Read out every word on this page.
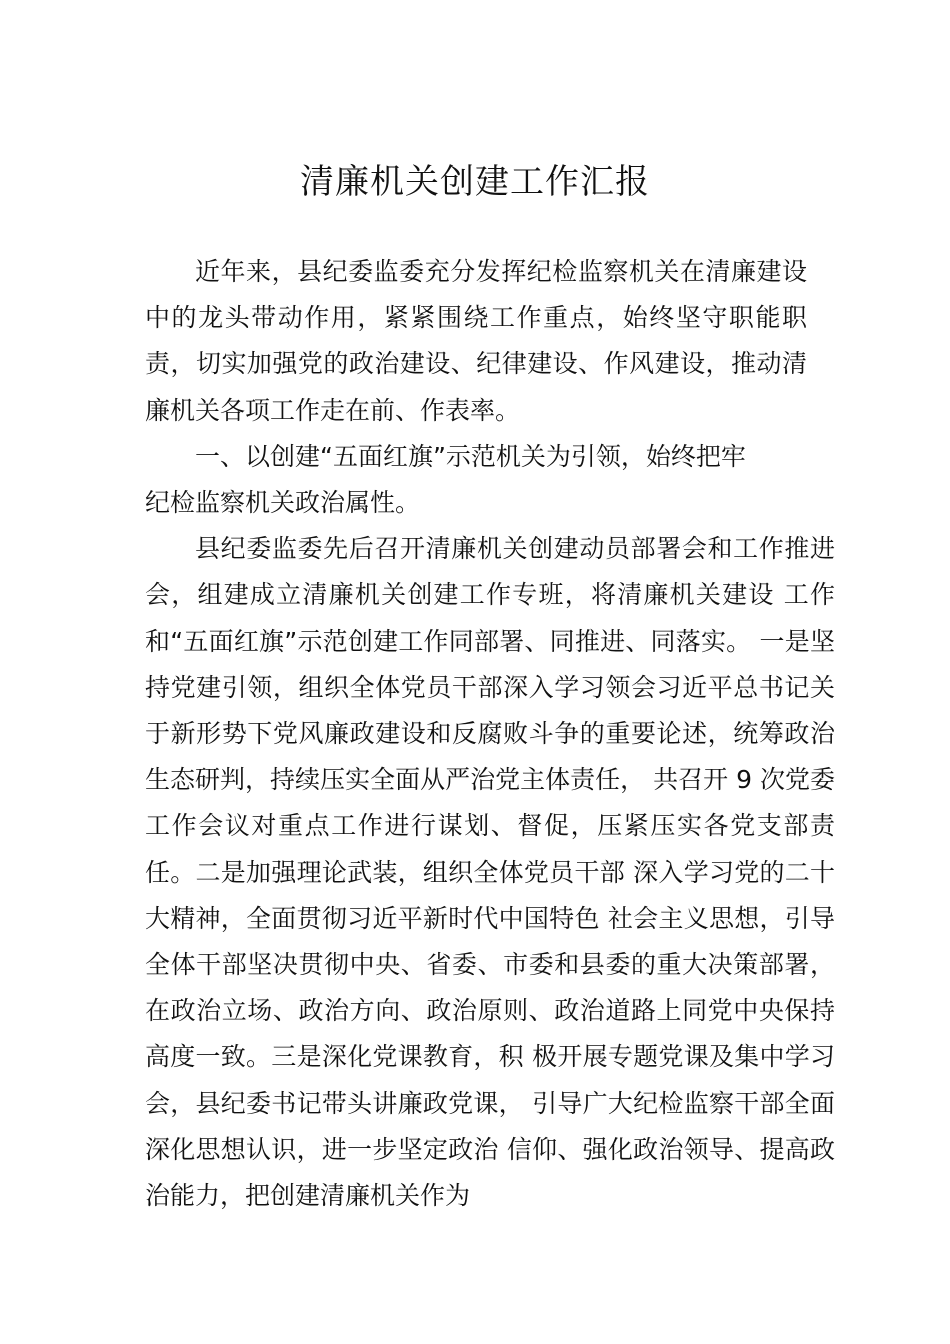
清廉机关创建工作汇报

近年来，县纪委监委充分发挥纪检监察机关在清廉建设中的龙头带动作用，紧紧围绕工作重点，始终坚守职能职责，切实加强党的政治建设、纪律建设、作风建设，推动清廉机关各项工作走在前、作表率。

一、以创建“五面红旗”示范机关为引领，始终把牢纪检监察机关政治属性。

县纪委监委先后召开清廉机关创建动员部署会和工作推进会，组建成立清廉机关创建工作专班，将清廉机关建设 工作和“五面红旗”示范创建工作同部署、同推进、同落实。 一是坚持党建引领，组织全体党员干部深入学习领会习近平总书记关于新形势下党风廉政建设和反腐败斗争的重要论述，统筹政治生态研判，持续压实全面从严治党主体责任， 共召开 9 次党委工作会议对重点工作进行谋划、督促，压紧压实各党支部责任。二是加强理论武装，组织全体党员干部 深入学习党的二十大精神，全面贯彻习近平新时代中国特色 社会主义思想，引导全体干部坚决贯彻中央、省委、市委和县委的重大决策部署，在政治立场、政治方向、政治原则、政治道路上同党中央保持高度一致。三是深化党课教育，积 极开展专题党课及集中学习会，县纪委书记带头讲廉政党课， 引导广大纪检监察干部全面深化思想认识，进一步坚定政治 信仰、强化政治领导、提高政治能力，把创建清廉机关作为
